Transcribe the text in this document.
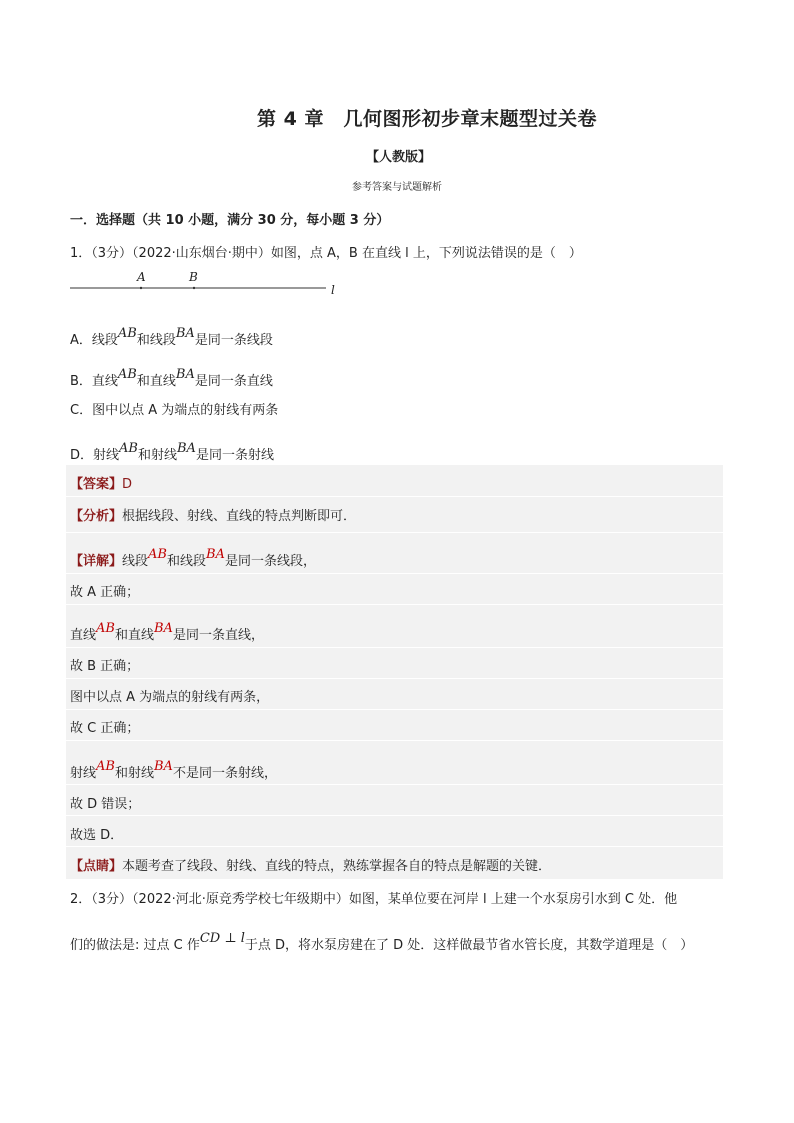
第 4 章　几何图形初步章末题型过关卷
【人教版】
参考答案与试题解析
一．选择题（共 10 小题，满分 30 分，每小题 3 分）
1．（3分）（2022·山东烟台·期中）如图，点 A，B 在直线 l 上，下列说法错误的是（　）
A	B
l
A．线段AB和线段BA是同一条线段
B．直线AB和直线BA是同一条直线
C．图中以点 A 为端点的射线有两条
D．射线AB和射线BA是同一条射线
【答案】D
【分析】根据线段、射线、直线的特点判断即可．
【详解】线段AB和线段BA是同一条线段，
故 A 正确；
直线AB和直线BA是同一条直线，
故 B 正确；
图中以点 A 为端点的射线有两条，
故 C 正确；
射线AB和射线BA不是同一条射线，
故 D 错误；
故选 D．
【点睛】本题考查了线段、射线、直线的特点，熟练掌握各自的特点是解题的关键．
2．（3分）（2022·河北·原竞秀学校七年级期中）如图，某单位要在河岸 l 上建一个水泵房引水到 C 处．他
们的做法是: 过点 C 作CD ⊥ l于点 D，将水泵房建在了 D 处．这样做最节省水管长度，其数学道理是（　）
